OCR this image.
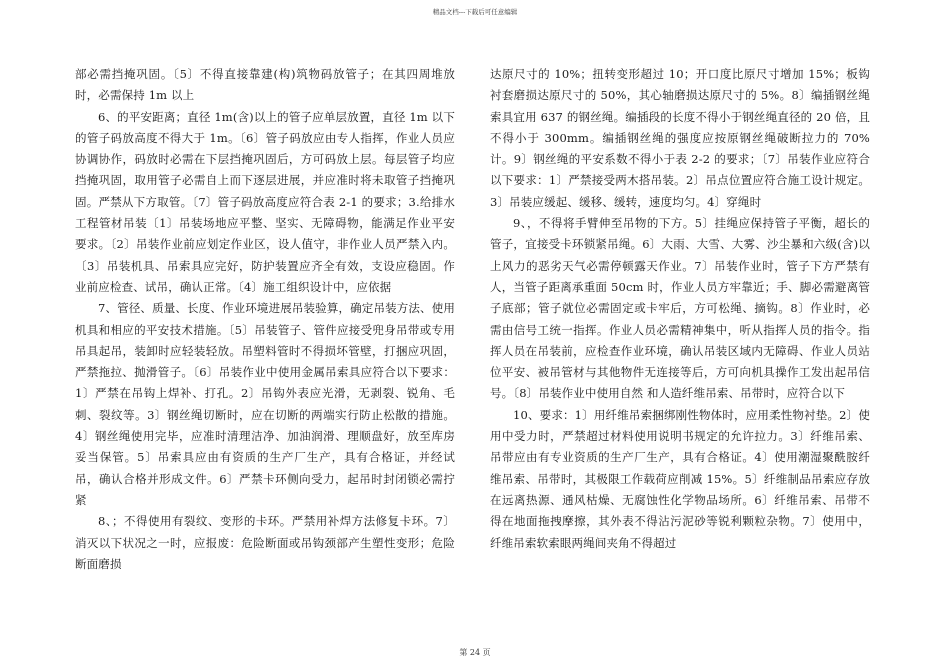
精品文档---下载后可任意编辑

部必需挡掩巩固。〔5〕不得直接靠建(构)筑物码放管子；在其四周堆放时，必需保持 1m 以上

6、的平安距离；直径 1m(含)以上的管子应单层放置，直径 1m 以下的管子码放高度不得大于 1m。〔6〕管子码放应由专人指挥，作业人员应协调协作，码放时必需在下层挡掩巩固后，方可码放上层。每层管子均应挡掩巩固，取用管子必需自上而下逐层进展，并应准时将未取管子挡掩巩固。严禁从下方取管。〔7〕管子码放高度应符合表 2-1 的要求；3.给排水工程管材吊装〔1〕吊装场地应平整、坚实、无障碍物，能满足作业平安要求。〔2〕吊装作业前应划定作业区，设人值守，非作业人员严禁入内。〔3〕吊装机具、吊索具应完好，防护装置应齐全有效，支设应稳固。作业前应检查、试吊，确认正常。〔4〕施工组织设计中，应依据

7、管径、质量、长度、作业环境进展吊装验算，确定吊装方法、使用机具和相应的平安技术措施。〔5〕吊装管子、管件应接受兜身吊带或专用吊具起吊，装卸时应轻装轻放。吊塑料管时不得损坏管壁，打捆应巩固，严禁拖拉、抛滑管子。〔6〕吊装作业中使用金属吊索具应符合以下要求：1〕严禁在吊钩上焊补、打孔。2〕吊钩外表应光滑，无剥裂、锐角、毛刺、裂纹等。3〕钢丝绳切断时，应在切断的两端实行防止松散的措施。4〕钢丝绳使用完毕，应准时清理洁净、加油润滑、理顺盘好，放至库房妥当保管。5〕吊索具应由有资质的生产厂生产，具有合格证，并经试吊，确认合格并形成文件。6〕严禁卡环侧向受力，起吊时封闭锁必需拧紧

8、；不得使用有裂纹、变形的卡环。严禁用补焊方法修复卡环。7〕消灭以下状况之一时，应报废：危险断面或吊钩颈部产生塑性变形；危险断面磨损

达原尺寸的 10%；扭转变形超过 10；开口度比原尺寸增加 15%；板钩衬套磨损达原尺寸的 50%，其心轴磨损达原尺寸的 5%。8〕编插钢丝绳索具宜用 637 的钢丝绳。编插段的长度不得小于钢丝绳直径的 20 倍，且不得小于 300mm。编插钢丝绳的强度应按原钢丝绳破断拉力的 70%计。9〕钢丝绳的平安系数不得小于表 2-2 的要求；〔7〕吊装作业应符合以下要求：1〕严禁接受两木搭吊装。2〕吊点位置应符合施工设计规定。3〕吊装应缓起、缓移、缓转，速度均匀。4〕穿绳时

9、，不得将手臂伸至吊物的下方。5〕挂绳应保持管子平衡，超长的管子，宜接受卡环锁紧吊绳。6〕大雨、大雪、大雾、沙尘暴和六级(含)以上风力的恶劣天气必需停顿露天作业。7〕吊装作业时，管子下方严禁有人，当管子距离承重面 50cm 时，作业人员方牢靠近；手、脚必需避离管子底部；管子就位必需固定或卡牢后，方可松绳、摘钩。8〕作业时，必需由信号工统一指挥。作业人员必需精神集中，听从指挥人员的指令。指挥人员在吊装前，应检查作业环境，确认吊装区域内无障碍、作业人员站位平安、被吊管材与其他物件无连接等后，方可向机具操作工发出起吊信号。〔8〕吊装作业中使用自然 和人造纤维吊索、吊带时，应符合以下

10、要求：1〕用纤维吊索捆绑刚性物体时，应用柔性物衬垫。2〕使用中受力时，严禁超过材料使用说明书规定的允许拉力。3〕纤维吊索、吊带应由有专业资质的生产厂生产，具有合格证。4〕使用潮湿聚酰胺纤维吊索、吊带时，其极限工作载荷应削减 15%。5〕纤维制品吊索应存放在远离热源、通风枯燥、无腐蚀性化学物品场所。6〕纤维吊索、吊带不得在地面拖拽摩擦，其外表不得沾污泥砂等锐利颗粒杂物。7〕使用中，纤维吊索软索眼两绳间夹角不得超过

第 24 页
